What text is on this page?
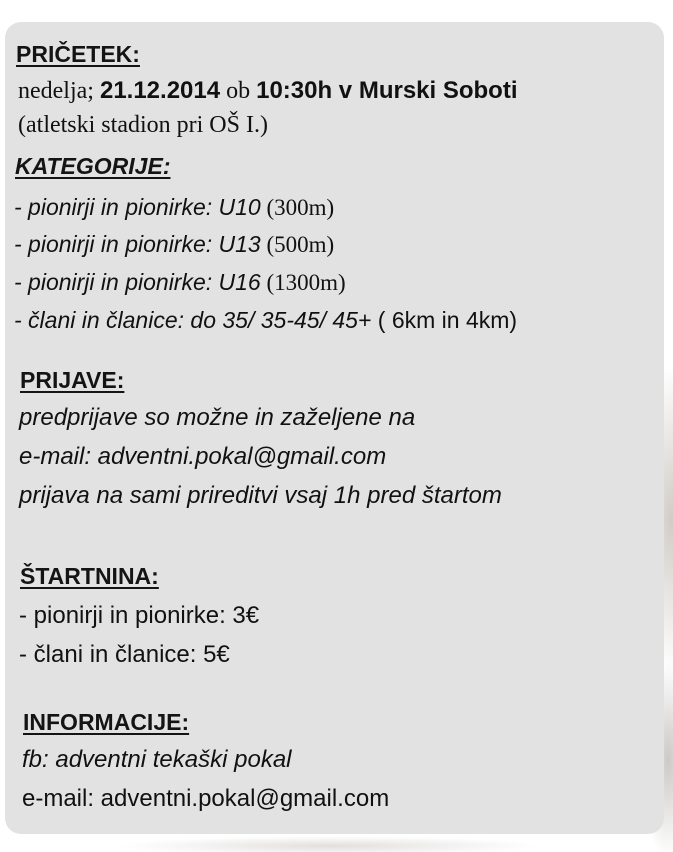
PRIČETEK:
nedelja; 21.12.2014 ob 10:30h v Murski Soboti
(atletski stadion pri OŠ I.)
KATEGORIJE:
- pionirji in pionirke: U10 (300m)
- pionirji in pionirke: U13 (500m)
- pionirji in pionirke: U16 (1300m)
- člani in članice: do 35/ 35-45/ 45+ ( 6km in 4km)
PRIJAVE:
predprijave so možne in zaželjene na
e-mail: adventni.pokal@gmail.com
prijava na sami prireditvi vsaj 1h pred štartom
ŠTARTNINA:
- pionirji in pionirke: 3€
- člani in članice: 5€
INFORMACIJE:
fb: adventni tekaški pokal
e-mail: adventni.pokal@gmail.com
